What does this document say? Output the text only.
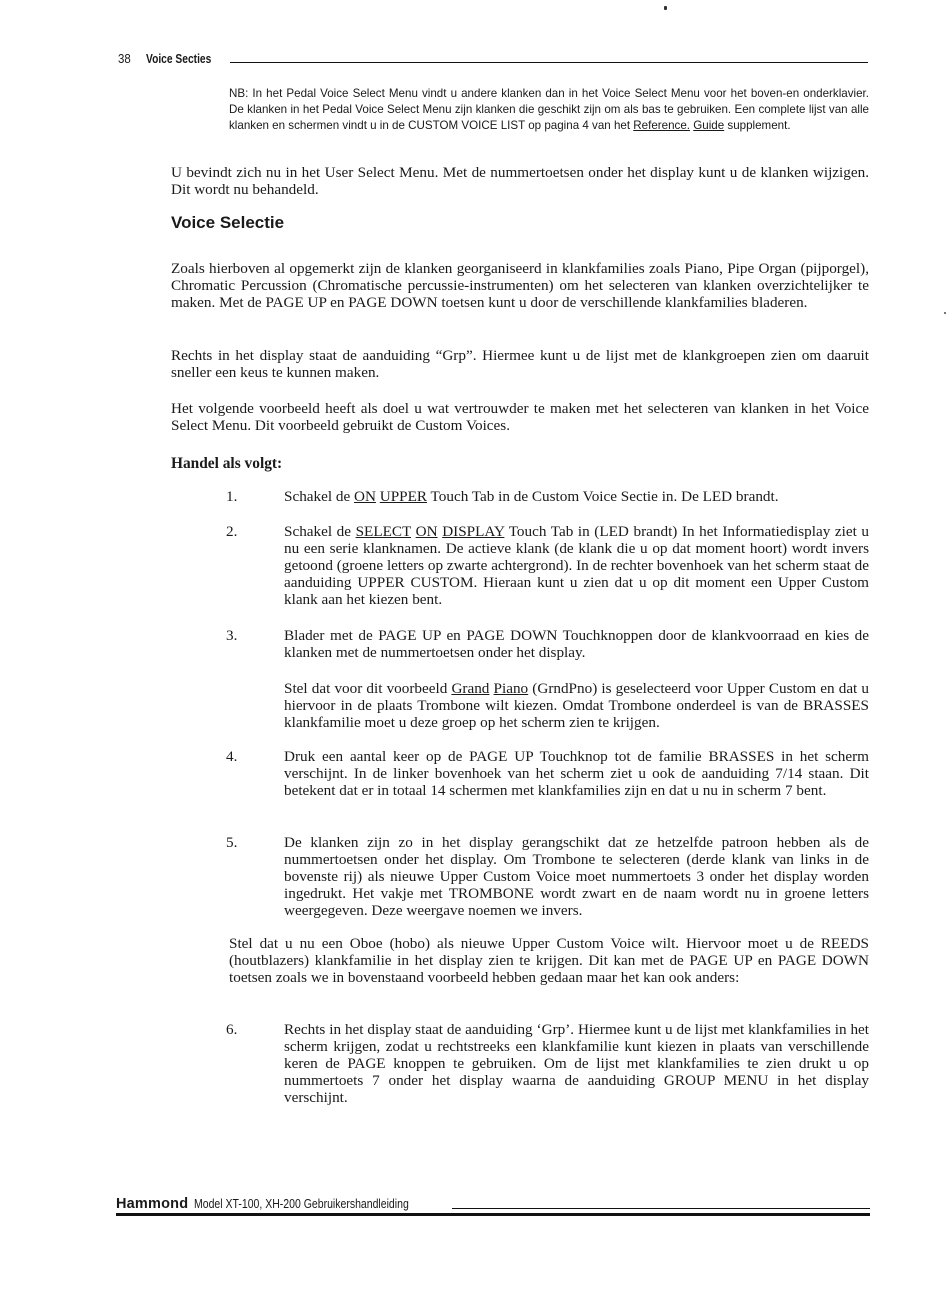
38 Voice Secties
NB: In het Pedal Voice Select Menu vindt u andere klanken dan in het Voice Select Menu voor het boven-en onderklavier. De klanken in het Pedal Voice Select Menu zijn klanken die geschikt zijn om als bas te gebruiken. Een complete lijst van alle klanken en schermen vindt u in de CUSTOM VOICE LIST op pagina 4 van het Reference. Guide supplement.
U bevindt zich nu in het User Select Menu. Met de nummertoetsen onder het display kunt u de klanken wijzigen. Dit wordt nu behandeld.
Voice Selectie
Zoals hierboven al opgemerkt zijn de klanken georganiseerd in klankfamilies zoals Piano, Pipe Organ (pijporgel), Chromatic Percussion (Chromatische percussie-instrumenten) om het selecteren van klanken overzichtelijker te maken. Met de PAGE UP en PAGE DOWN toetsen kunt u door de verschillende klankfamilies bladeren.
Rechts in het display staat de aanduiding “Grp”. Hiermee kunt u de lijst met de klankgroepen zien om daaruit sneller een keus te kunnen maken.
Het volgende voorbeeld heeft als doel u wat vertrouwder te maken met het selecteren van klanken in het Voice Select Menu. Dit voorbeeld gebruikt de Custom Voices.
Handel als volgt:
1.	Schakel de ON UPPER Touch Tab in de Custom Voice Sectie in. De LED brandt.
2.	Schakel de SELECT ON DISPLAY Touch Tab in (LED brandt) In het Informatiedisplay ziet u nu een serie klanknamen. De actieve klank (de klank die u op dat moment hoort) wordt invers getoond (groene letters op zwarte achtergrond). In de rechter bovenhoek van het scherm staat de aanduiding UPPER CUSTOM. Hieraan kunt u zien dat u op dit moment een Upper Custom klank aan het kiezen bent.
3.	Blader met de PAGE UP en PAGE DOWN Touchknoppen door de klankvoorraad en kies de klanken met de nummertoetsen onder het display.
Stel dat voor dit voorbeeld Grand Piano (GrndPno) is geselecteerd voor Upper Custom en dat u hiervoor in de plaats Trombone wilt kiezen. Omdat Trombone onderdeel is van de BRASSES klankfamilie moet u deze groep op het scherm zien te krijgen.
4.	Druk een aantal keer op de PAGE UP Touchknop tot de familie BRASSES in het scherm verschijnt. In de linker bovenhoek van het scherm ziet u ook de aanduiding 7/14 staan. Dit betekent dat er in totaal 14 schermen met klankfamilies zijn en dat u nu in scherm 7 bent.
5.	De klanken zijn zo in het display gerangschikt dat ze hetzelfde patroon hebben als de nummertoetsen onder het display. Om Trombone te selecteren (derde klank van links in de bovenste rij) als nieuwe Upper Custom Voice moet nummertoets 3 onder het display worden ingedrukt. Het vakje met TROMBONE wordt zwart en de naam wordt nu in groene letters weergegeven. Deze weergave noemen we invers.
Stel dat u nu een Oboe (hobo) als nieuwe Upper Custom Voice wilt. Hiervoor moet u de REEDS (houtblazers) klankfamilie in het display zien te krijgen. Dit kan met de PAGE UP en PAGE DOWN toetsen zoals we in bovenstaand voorbeeld hebben gedaan maar het kan ook anders:
6.	Rechts in het display staat de aanduiding ‘Grp’. Hiermee kunt u de lijst met klankfamilies in het scherm krijgen, zodat u rechtstreeks een klankfamilie kunt kiezen in plaats van verschillende keren de PAGE knoppen te gebruiken. Om de lijst met klankfamilies te zien drukt u op nummertoets 7 onder het display waarna de aanduiding GROUP MENU in het display verschijnt.
Hammond Model XT-100, XH-200 Gebruikershandleiding
